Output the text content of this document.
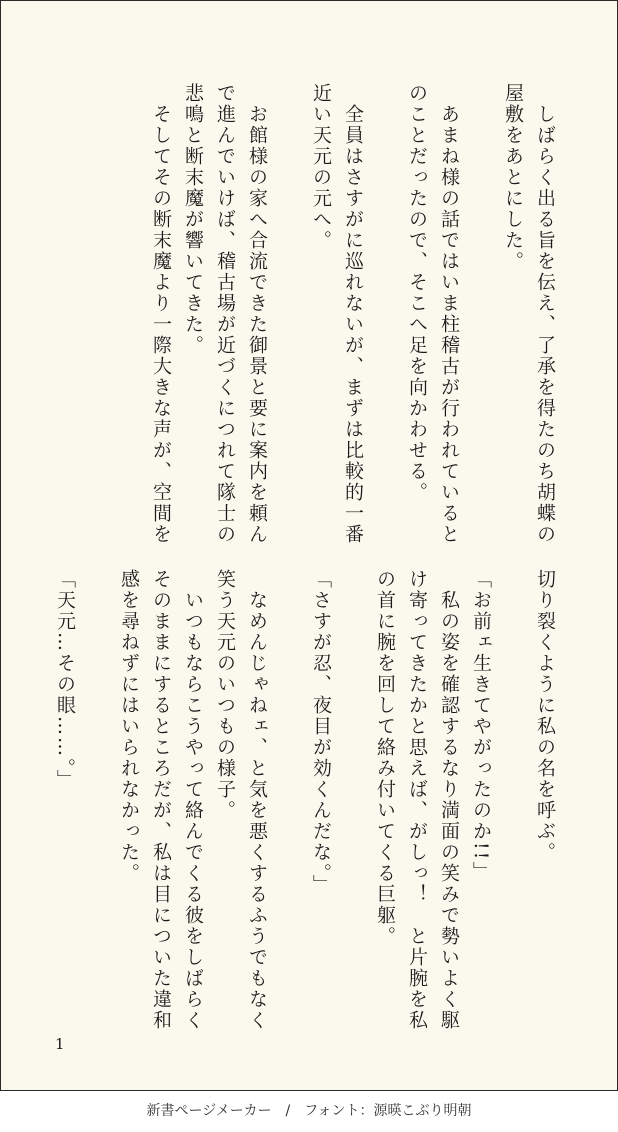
　しばらく出る旨を伝え、了承を得たのち胡蝶の

屋敷をあとにした。

　あまね様の話ではいま柱稽古が行われていると

のことだったので、そこへ足を向かわせる。

　全員はさすがに巡れないが、まずは比較的一番

近い天元の元へ。

　お館様の家へ合流できた御景と要に案内を頼ん

で進んでいけば、稽古場が近づくにつれて隊士の

悲鳴と断末魔が響いてきた。

　そしてその断末魔より一際大きな声が、空間を

切り裂くように私の名を呼ぶ。

「お前ェ生きてやがったのか!!」

　私の姿を確認するなり満面の笑みで勢いよく駆

け寄ってきたかと思えば、がしっ！　と片腕を私

の首に腕を回して絡み付いてくる巨躯。

「さすが忍、夜目が効くんだな。」

　なめんじゃねェ、と気を悪くするふうでもなく

笑う天元のいつもの様子。

　いつもならこうやって絡んでくる彼をしばらく

そのままにするところだが、私は目についた違和

感を尋ねずにはいられなかった。

「天元…その眼……。」

1
新書ページメーカー　/　フォント：源暎こぶり明朝
